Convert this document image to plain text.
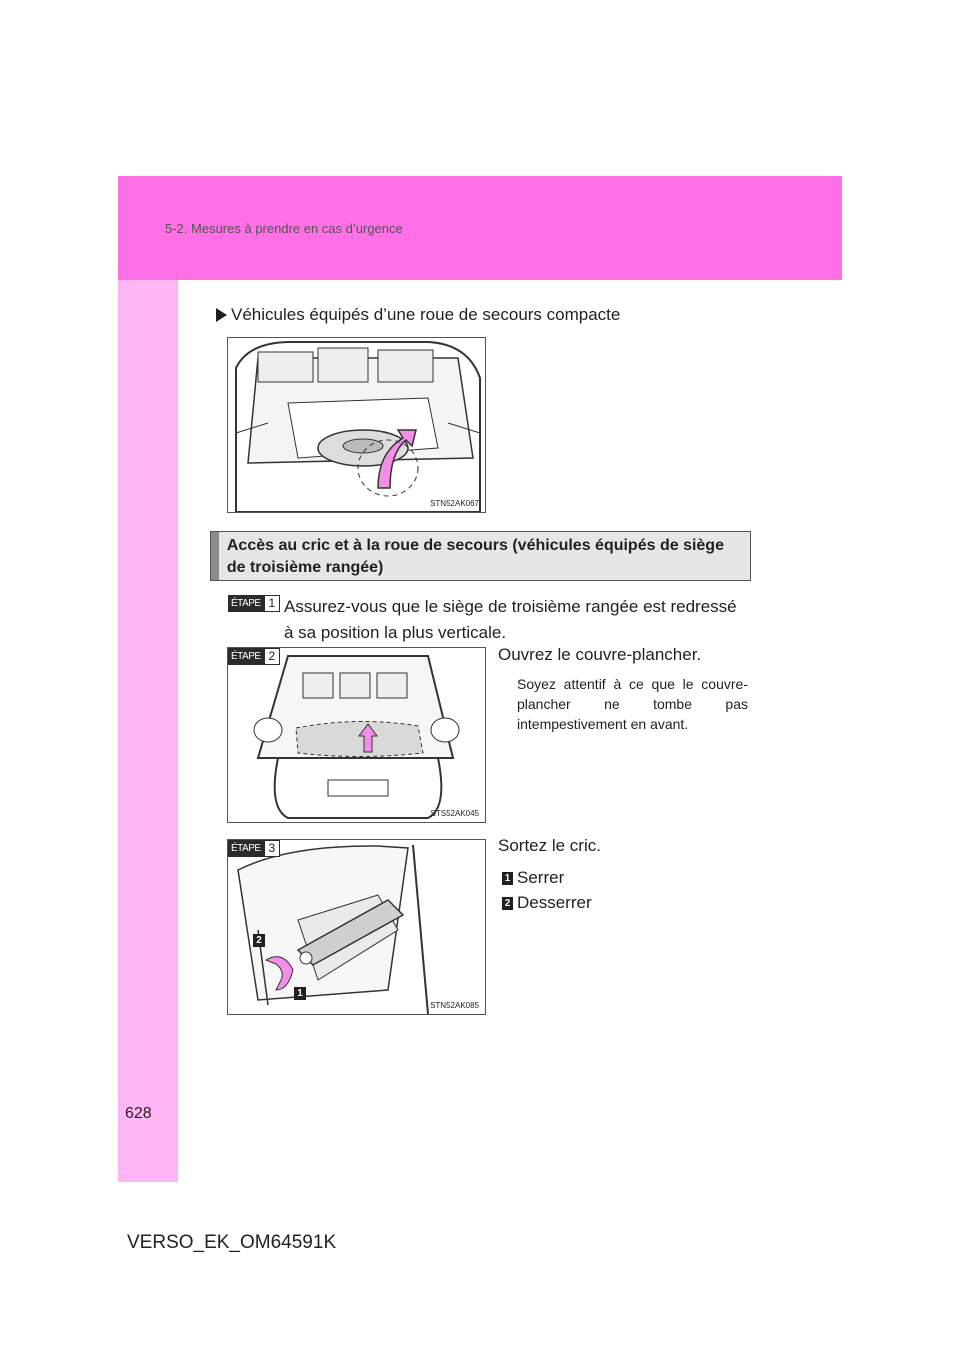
5-2. Mesures à prendre en cas d’urgence
Véhicules équipés d’une roue de secours compacte
STN52AK067
Accès au cric et à la roue de secours (véhicules équipés de siège de troisième rangée)
ÉTAPE 1 Assurez-vous que le siège de troisième rangée est redressé à sa position la plus verticale.
STS52AK045
ÉTAPE 2	Ouvrez le couvre-plancher.
Soyez attentif à ce que le couvre-plancher ne tombe pas intempestivement en avant.
2
1
STN52AK085
ÉTAPE 3	Sortez le cric.
1 Serrer
2 Desserrer
628
VERSO_EK_OM64591K
